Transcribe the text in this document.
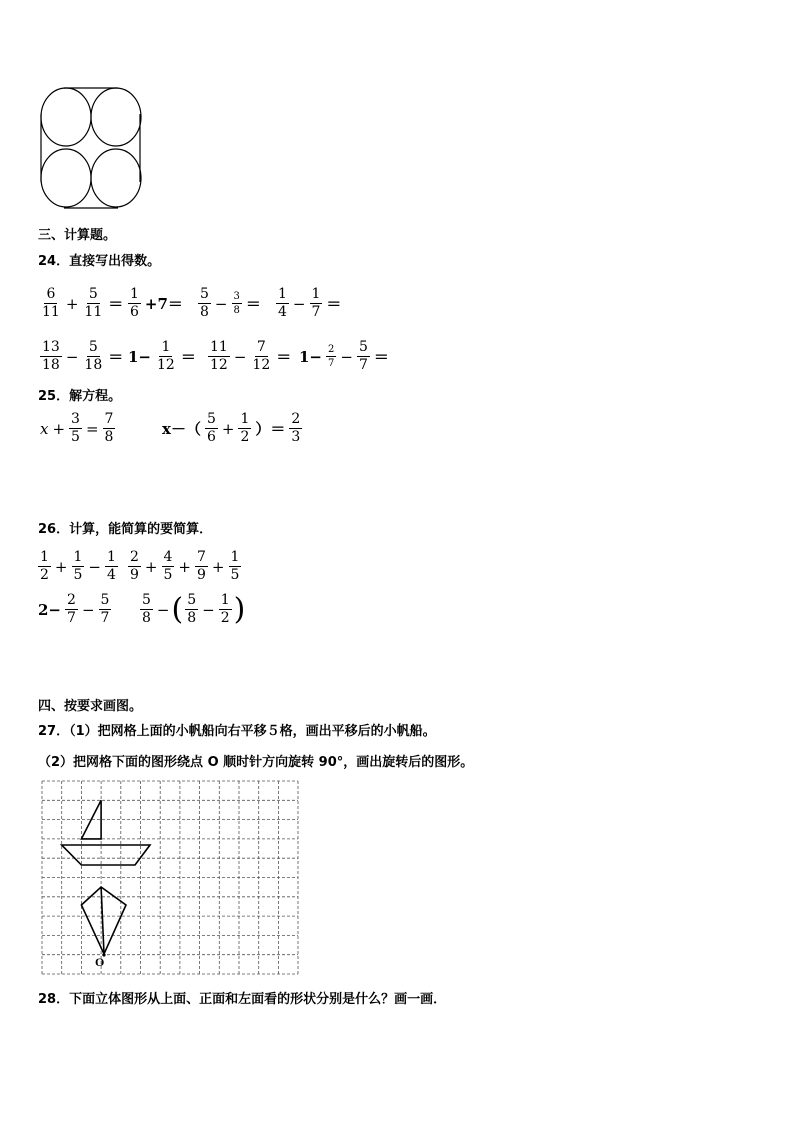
三、计算题。
24．直接写出得数。
$\frac{6}{11} + \frac{5}{11} = \frac{1}{6} +7= \frac{5}{8} - \frac{3}{8} = \frac{1}{4} - \frac{1}{7}$ ＝
$\frac{13}{18} - \frac{5}{18} = 1- \frac{1}{12} = \frac{11}{12} - \frac{7}{12} = 1- \frac{2}{7} - \frac{5}{7}$ ＝
25．解方程。
$x + \frac{3}{5} = \frac{7}{8}$	$x-( \frac{5}{6} + \frac{1}{2}$ ）＝ $\frac{2}{3}$
26．计算，能简算的要简算．
$\frac{1}{2} + \frac{1}{5} - \frac{1}{4} \frac{2}{9} + \frac{4}{5} + \frac{7}{9} + \frac{1}{5}$
$2- \frac{2}{7} - \frac{5}{7} \frac{5}{8}$ − ( $\frac{5}{8} - \frac{1}{2}$ )
四、按要求画图。
27．（1）把网格上面的小帆船向右平移５格，画出平移后的小帆船。
（2）把网格下面的图形绕点 O 顺时针方向旋转 90°，画出旋转后的图形。
O
28．下面立体图形从上面、正面和左面看的形状分别是什么？画一画．
